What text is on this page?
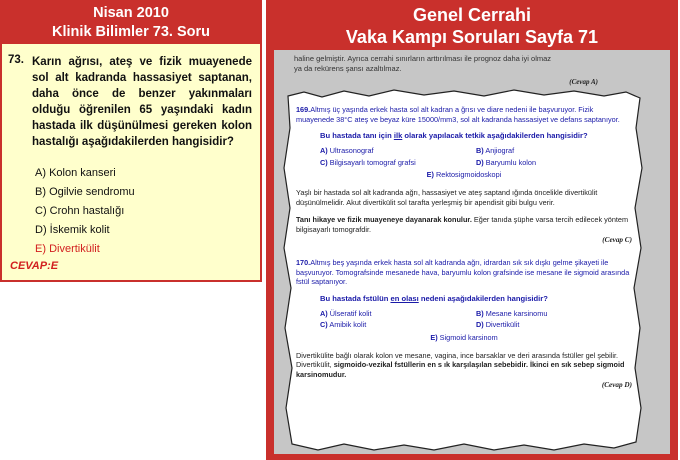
Nisan 2010
Klinik Bilimler 73. Soru
73. Karın ağrısı, ateş ve fizik muayenede sol alt kadranda hassasiyet saptanan, daha önce de benzer yakınmaları olduğu öğrenilen 65 yaşındaki kadın hastada ilk düşünülmesi gereken kolon hastalığı aşağıdakilerden hangisidir?
A) Kolon kanseri
B) Ogilvie sendromu
C) Crohn hastalığı
D) İskemik kolit
E) Divertikülit
CEVAP:E
Genel Cerrahi
Vaka Kampı Soruları Sayfa 71
haline gelmiştir. Ayrıca cerrahi sınırların arttırılması ile prognoz daha iyi olmaz
ya da rekürens şansı azaltılmaz.
(Cevap A)
169.Altmış üç yaşında erkek hasta sol alt kadran a ğrısı ve diare nedeni ile başvuruyor. Fizik muayenede 38°C ateş ve beyaz küre 15000/mm3, sol alt kadranda hassasiyet ve defans saptanıyor.
Bu hastada tanı için ilk olarak yapılacak tetkik aşağıdakilerden hangisidir?
A) Ultrasonograf	B) Anjiograf
C) Bilgisayarlı tomograf grafsi	D) Baryumlu kolon
E) Rektosigmoidoskopi
Yaşlı bir hastada sol alt kadranda ağrı, hassasiyet ve ateş saptand ığında öncelikle divertikülit düşünülmelidir. Akut divertikülit sol tarafta yerleşmiş bir apendisit gibi bulgu verir.
Tanı hikaye ve fizik muayeneye dayanarak konulur. Eğer tanıda şüphe varsa tercih edilecek yöntem bilgisayarlı tomografdir.
(Cevap C)
170.Altmış beş yaşında erkek hasta sol alt kadranda ağrı, idrardan sık sık dışkı gelme şikayeti ile başvuruyor. Tomografsinde mesanede hava, baryumlu kolon grafsinde ise mesane ile sigmoid arasında fstül saptanıyor.
Bu hastada fstülün en olası nedeni aşağıdakilerden hangisidir?
A) Ülseratif kolit	B) Mesane karsinomu
C) Amibik kolit	D) Divertikülit
E) Sigmoid karsinom
Divertikülite bağlı olarak kolon ve mesane, vagina, ince barsaklar ve deri arasında fstüller gel şebilir. Divertikülit, sigmoido-vezikal fstüllerin en s ık karşılaşılan sebebidir. İkinci en sık sebep sigmoid karsinomudur.
(Cevap D)
